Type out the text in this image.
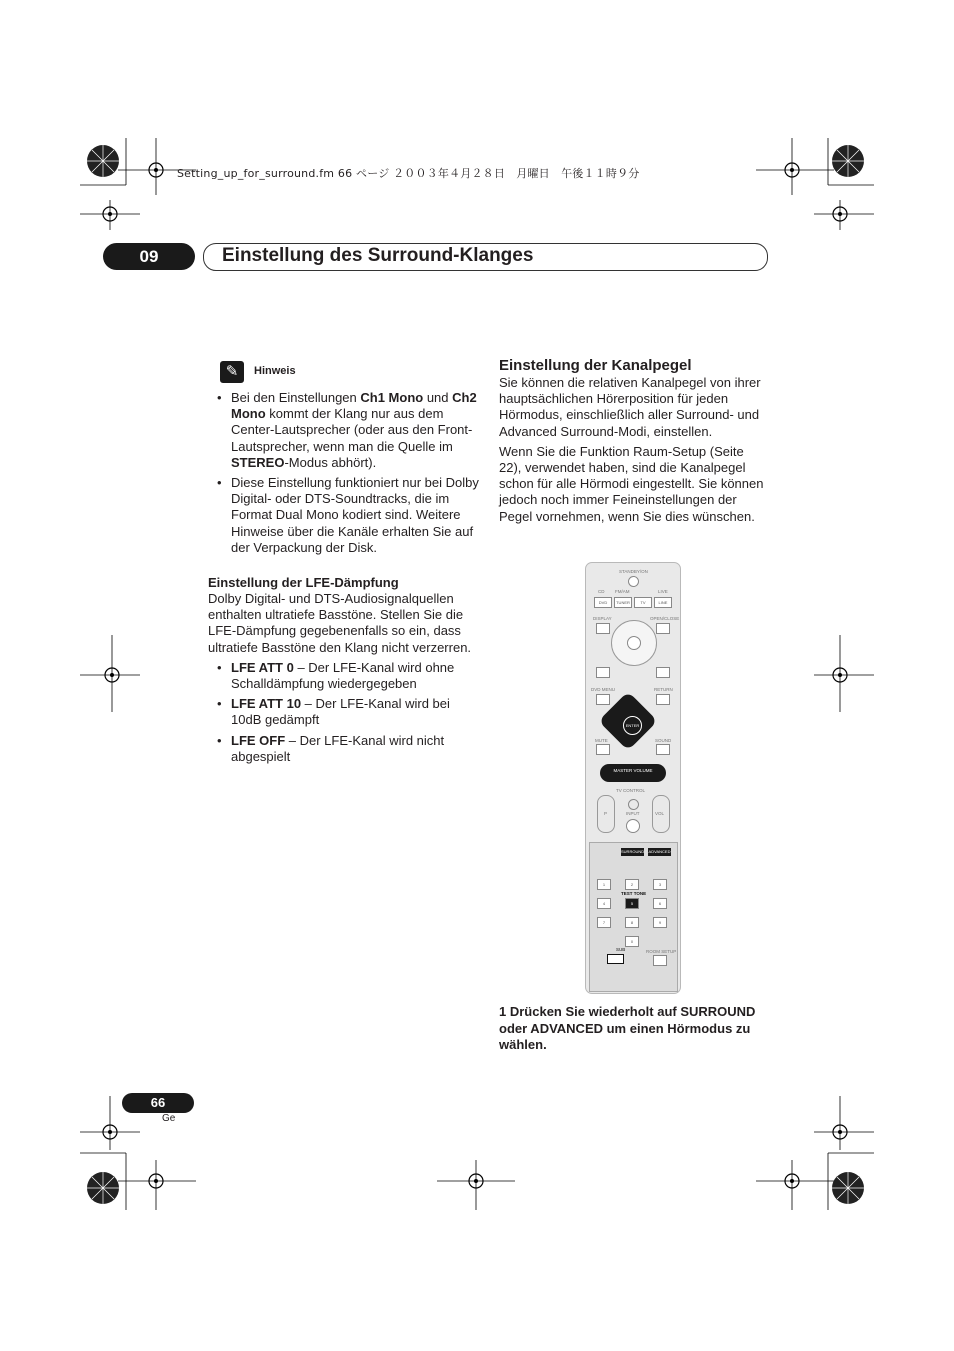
Setting_up_for_surround.fm 66 ページ ２００３年４月２８日　月曜日　午後１１時９分
09	Einstellung des Surround-Klanges
✎	Hinweis
• Bei den Einstellungen Ch1 Mono und Ch2 Mono kommt der Klang nur aus dem Center-Lautsprecher (oder aus den Front-Lautsprecher, wenn man die Quelle im STEREO-Modus abhört).
• Diese Einstellung funktioniert nur bei Dolby Digital- oder DTS-Soundtracks, die im Format Dual Mono kodiert sind. Weitere Hinweise über die Kanäle erhalten Sie auf der Verpackung der Disk.
Einstellung der LFE-Dämpfung

Dolby Digital- und DTS-Audiosignalquellen enthalten ultratiefe Basstöne. Stellen Sie die LFE-Dämpfung gegebenenfalls so ein, dass ultratiefe Basstöne den Klang nicht verzerren.

• LFE ATT 0 – Der LFE-Kanal wird ohne Schalldämpfung wiedergegeben
• LFE ATT 10 – Der LFE-Kanal wird bei 10dB gedämpft
• LFE OFF – Der LFE-Kanal wird nicht abgespielt
Einstellung der Kanalpegel

Sie können die relativen Kanalpegel von ihrer hauptsächlichen Hörerposition für jeden Hörmodus, einschließlich aller Surround- und Advanced Surround-Modi, einstellen.

Wenn Sie die Funktion Raum-Setup (Seite 22), verwendet haben, sind die Kanalpegel schon für alle Hörmodi eingestellt. Sie können jedoch noch immer Feineinstellungen der Pegel vornehmen, wenn Sie dies wünschen.

STANDBY/ON
CD FM/AM	LIVE
DVD	TUNER	TV	LINE
DISPLAY	OPEN/CLOSE
DVD MENU	RETURN
ENTER
MUTE	SOUND
MASTER VOLUME
TV CONTROL
P	INPUT	VOL
SURROUND ADVANCED
1	2	3
TEST TONE
4	5	6
7	8	9
0
SUB	ROOM SETUP
1 Drücken Sie wiederholt auf SURROUND oder ADVANCED um einen Hörmodus zu wählen.
66
Ge
